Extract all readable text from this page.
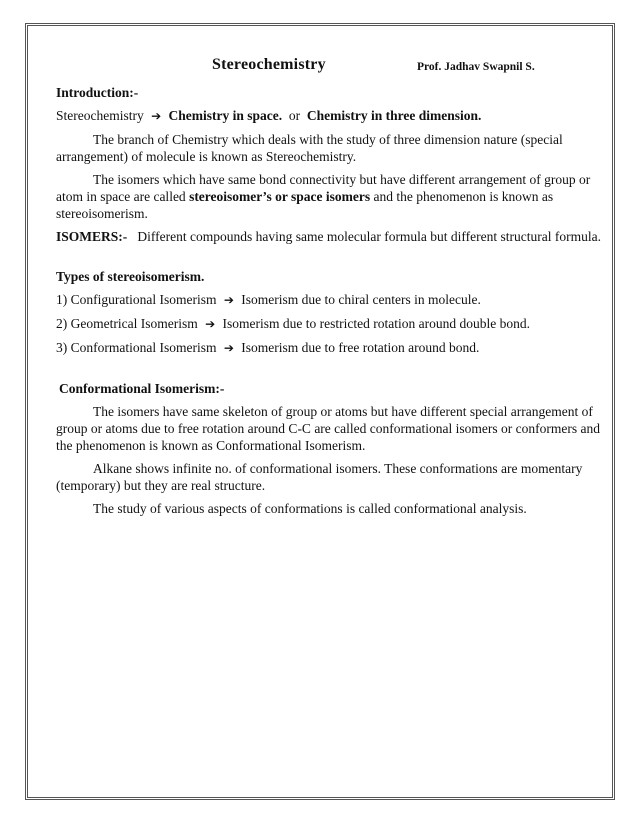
Stereochemistry	Prof. Jadhav Swapnil S.

Introduction:-

Stereochemistry ➔ Chemistry in space. or Chemistry in three dimension.

The branch of Chemistry which deals with the study of three dimension nature (special arrangement) of molecule is known as Stereochemistry.

The isomers which have same bond connectivity but have different arrangement of group or atom in space are called stereoisomer’s or space isomers and the phenomenon is known as stereoisomerism.

ISOMERS:- Different compounds having same molecular formula but different structural formula.

Types of stereoisomerism.

1) Configurational Isomerism ➔ Isomerism due to chiral centers in molecule.

2) Geometrical Isomerism ➔ Isomerism due to restricted rotation around double bond.

3) Conformational Isomerism ➔ Isomerism due to free rotation around bond.

Conformational Isomerism:-

The isomers have same skeleton of group or atoms but have different special arrangement of group or atoms due to free rotation around C-C are called conformational isomers or conformers and the phenomenon is known as Conformational Isomerism.

Alkane shows infinite no. of conformational isomers. These conformations are momentary (temporary) but they are real structure.

The study of various aspects of conformations is called conformational analysis.
